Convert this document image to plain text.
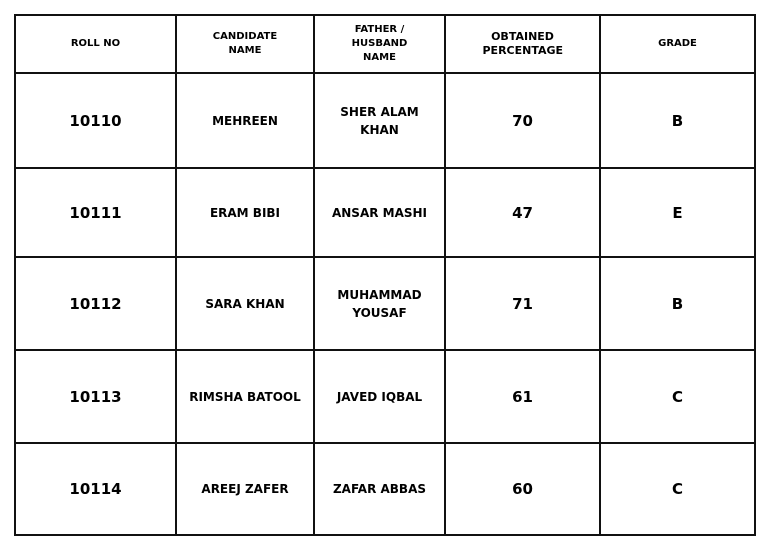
ROLL NO	CANDIDATE NAME	FATHER / HUSBAND NAME	OBTAINED PERCENTAGE	GRADE
10110	MEHREEN	SHER ALAM KHAN	70	B
10111	ERAM BIBI	ANSAR MASHI	47	E
10112	SARA KHAN	MUHAMMAD YOUSAF	71	B
10113	RIMSHA BATOOL	JAVED IQBAL	61	C
10114	AREEJ ZAFER	ZAFAR ABBAS	60	C
